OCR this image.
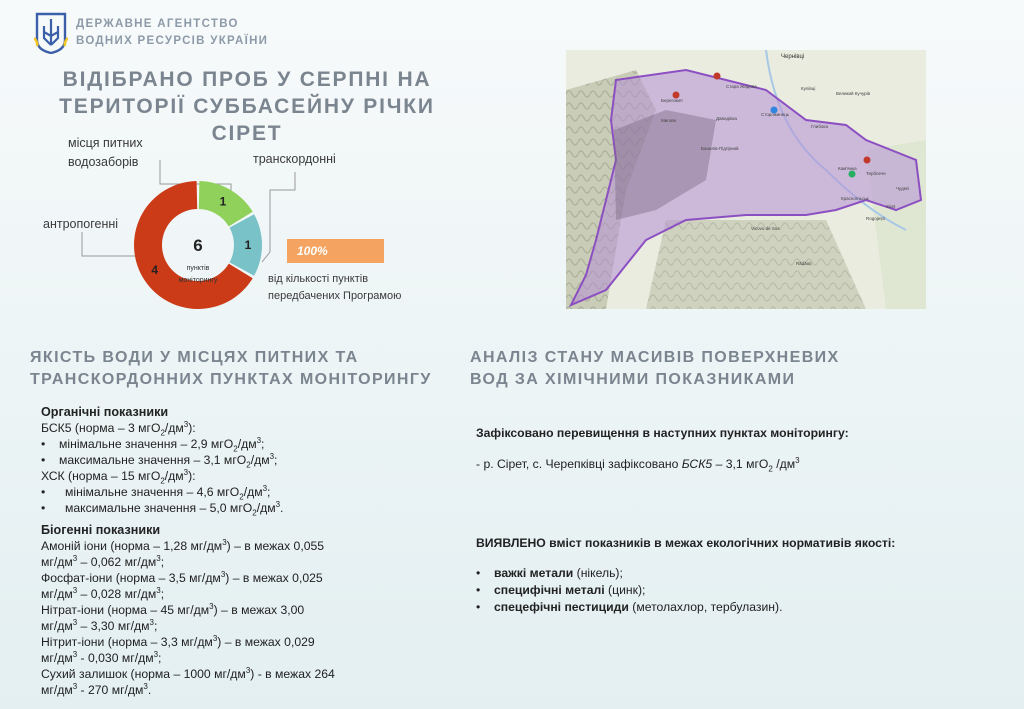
ДЕРЖАВНЕ АГЕНТСТВО
ВОДНИХ РЕСУРСІВ УКРАЇНИ
ВІДІБРАНО ПРОБ У СЕРПНІ НА
ТЕРИТОРІЇ СУББАСЕЙНУ РІЧКИ СІРЕТ
місця питних
водозаборів	транскордонні
антропогенні
1
1
4
6
пунктів
моніторингу
100%
від кількості пунктів
передбачених Програмою
Чернівці
Стара Жадова
Берегомет
Мигове
Сторожинець
Давидівка
Банилів-Підгірний
Глибока
Кам'янка
Терблече
Великий Кучурів
Кулівці
Чудей
Красноїльськ
Vicovu de Sus
Rădăuți
Rogojești
Siret
ЯКІСТЬ ВОДИ У МІСЦЯХ ПИТНИХ ТА
ТРАНСКОРДОННИХ ПУНКТАХ МОНІТОРИНГУ
АНАЛІЗ СТАНУ МАСИВІВ ПОВЕРХНЕВИХ
ВОД ЗА ХІМІЧНИМИ ПОКАЗНИКАМИ
Органічні показники
БСК5 (норма – 3 $мгО_2/дм^3$):
• мінімальне значення – 2,9 $мгО_2/дм^3$;
• максимальне значення – 3,1 $мгО_2/дм^3$;
ХСК (норма – 15 $мгО_2/дм^3$):
• мінімальне значення – 4,6 $мгО_2/дм^3$;
• максимальне значення – 5,0 $мгО_2/дм^3$.
Біогенні показники
Амоній іони (норма – 1,28 $мг/дм^3$) – в межах 0,055
$мг/дм^3 - 0,062$ $мг/дм^3$;
Фосфат-іони (норма – 3,5 $мг/дм^3$) – в межах 0,025
$мг/дм^3 - 0,028$ $мг/дм^3$;
Нітрат-іони (норма – 45 $мг/дм^3$) – в межах 3,00
$мг/дм^3 - 3,30$ $мг/дм^3$;
Нітрит-іони (норма – 3,3 $мг/дм^3$) – в межах 0,029
$мг/дм^3 - 0,030$ $мг/дм^3$;
Сухий залишок (норма – 1000 $мг/дм^3$) - в межах 264
$мг/дм^3 - 270$ $мг/дм^3$.
Зафіксовано перевищення в наступних пунктах моніторингу:
- р. Сірет, с. Черепківці зафіксовано БСК5 – 3,1 мгО$_2$ $/дм^3$
ВИЯВЛЕНО вміст показників в межах екологічних нормативів якості:
• важкі метали (нікель);
• специфічні металі (цинк);
• спецефічні пестициди (метолахлор, тербулазин).
